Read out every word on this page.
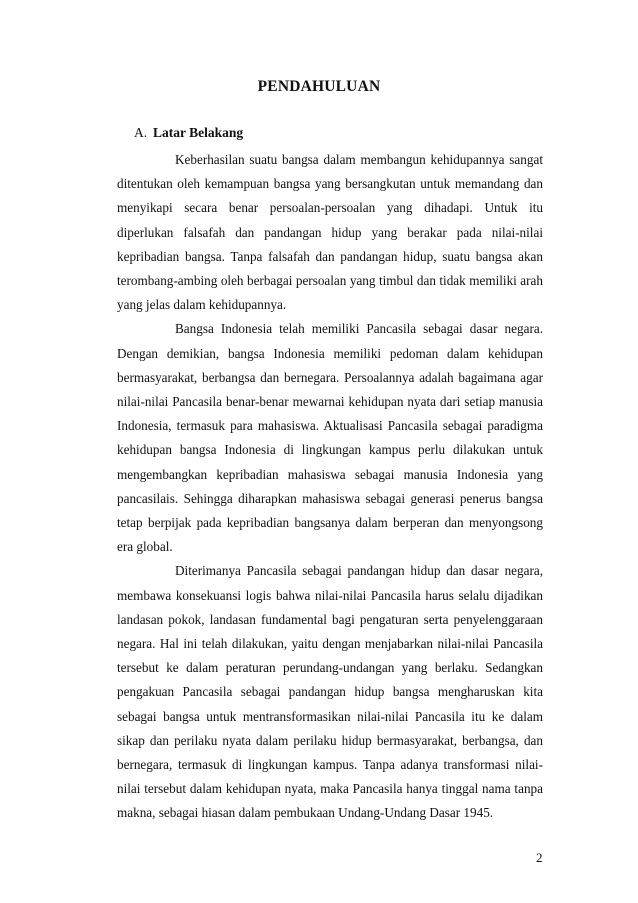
PENDAHULUAN
A. Latar Belakang

Keberhasilan suatu bangsa dalam membangun kehidupannya sangat ditentukan oleh kemampuan bangsa yang bersangkutan untuk memandang dan menyikapi secara benar persoalan-persoalan yang dihadapi. Untuk itu diperlukan falsafah dan pandangan hidup yang berakar pada nilai-nilai kepribadian bangsa. Tanpa falsafah dan pandangan hidup, suatu bangsa akan terombang-ambing oleh berbagai persoalan yang timbul dan tidak memiliki arah yang jelas dalam kehidupannya.

Bangsa Indonesia telah memiliki Pancasila sebagai dasar negara. Dengan demikian, bangsa Indonesia memiliki pedoman dalam kehidupan bermasyarakat, berbangsa dan bernegara. Persoalannya adalah bagaimana agar nilai-nilai Pancasila benar-benar mewarnai kehidupan nyata dari setiap manusia Indonesia, termasuk para mahasiswa. Aktualisasi Pancasila sebagai paradigma kehidupan bangsa Indonesia di lingkungan kampus perlu dilakukan untuk mengembangkan kepribadian mahasiswa sebagai manusia Indonesia yang pancasilais. Sehingga diharapkan mahasiswa sebagai generasi penerus bangsa tetap berpijak pada kepribadian bangsanya dalam berperan dan menyongsong era global.

Diterimanya Pancasila sebagai pandangan hidup dan dasar negara, membawa konsekuansi logis bahwa nilai-nilai Pancasila harus selalu dijadikan landasan pokok, landasan fundamental bagi pengaturan serta penyelenggaraan negara. Hal ini telah dilakukan, yaitu dengan menjabarkan nilai-nilai Pancasila tersebut ke dalam peraturan perundang-undangan yang berlaku. Sedangkan pengakuan Pancasila sebagai pandangan hidup bangsa mengharuskan kita sebagai bangsa untuk mentransformasikan nilai-nilai Pancasila itu ke dalam sikap dan perilaku nyata dalam perilaku hidup bermasyarakat, berbangsa, dan bernegara, termasuk di lingkungan kampus. Tanpa adanya transformasi nilai-nilai tersebut dalam kehidupan nyata, maka Pancasila hanya tinggal nama tanpa makna, sebagai hiasan dalam pembukaan Undang-Undang Dasar 1945.

2
